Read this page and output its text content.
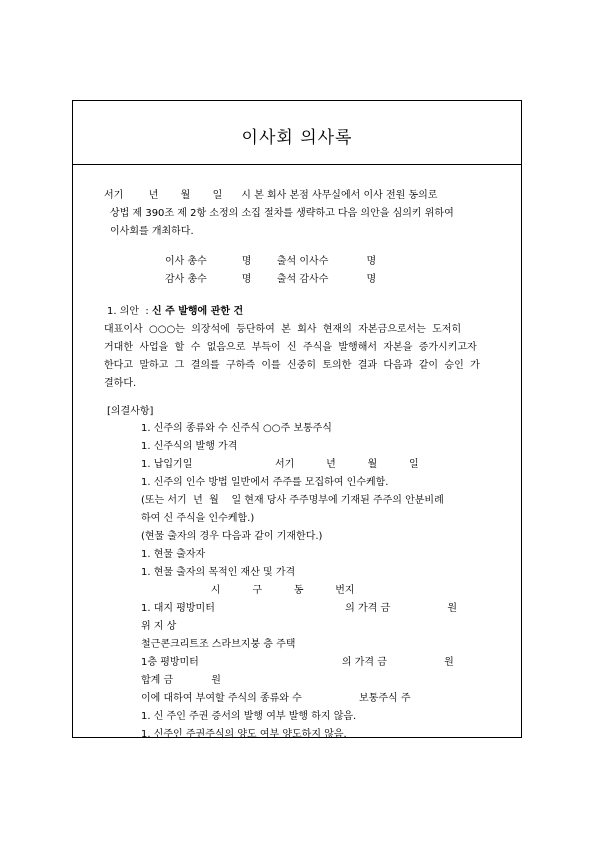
이사회 의사록
서기        년       월       일      시 본 회사 본점 사무실에서 이사 전원 동의로
상법 제 390조 제 2항 소정의 소집 절차를 생략하고 다음 의안을 심의키 위하여
이사회를 개최하다.
이사 총수           명        출석 이사수            명
감사 총수           명        출석 감사수            명
1. 의안  : 신 주 발행에 관한 건
대표이사  ○○○는  의장석에  등단하여  본  회사  현재의  자본금으로서는  도저히
거대한  사업을  할  수  없음으로  부득이  신  주식을  발행해서  자본을  증가시키고자
한다고  말하고  그  결의를  구하즉  이를  신중히  토의한  결과  다음과  같이  승인  가
결하다.
[의결사항]
1. 신주의 종류와 수 신주식 ○○주 보통주식
1. 신주식의 발행 가격
1. 납입기일                          서기          년          월          일
1. 신주의 인수 방법 일반에서 주주를 모집하여 인수케함.
(또는 서기  년  월    일 현재 당사 주주명부에 기재된 주주의 안분비례
하여 신 주식을 인수케함.)
(현물 출자의 경우 다음과 같이 기재한다.)
1. 현물 출자자
1. 현물 출자의 목적인 재산 및 가격
시          구          동          번지
1. 대지 평방미터                                         의 가격 금                  원
위 지 상
철근콘크리트조 스라브지붕 층 주택
1층 평방미터                                             의 가격 금                  원
합계 금            원
이에 대하여 부여할 주식의 종류와 수                  보통주식 주
1. 신 주인 주권 증서의 발행 여부 발행 하지 않음.
1. 신주인 주권주식의 양도 여부 양도하지 않음.
